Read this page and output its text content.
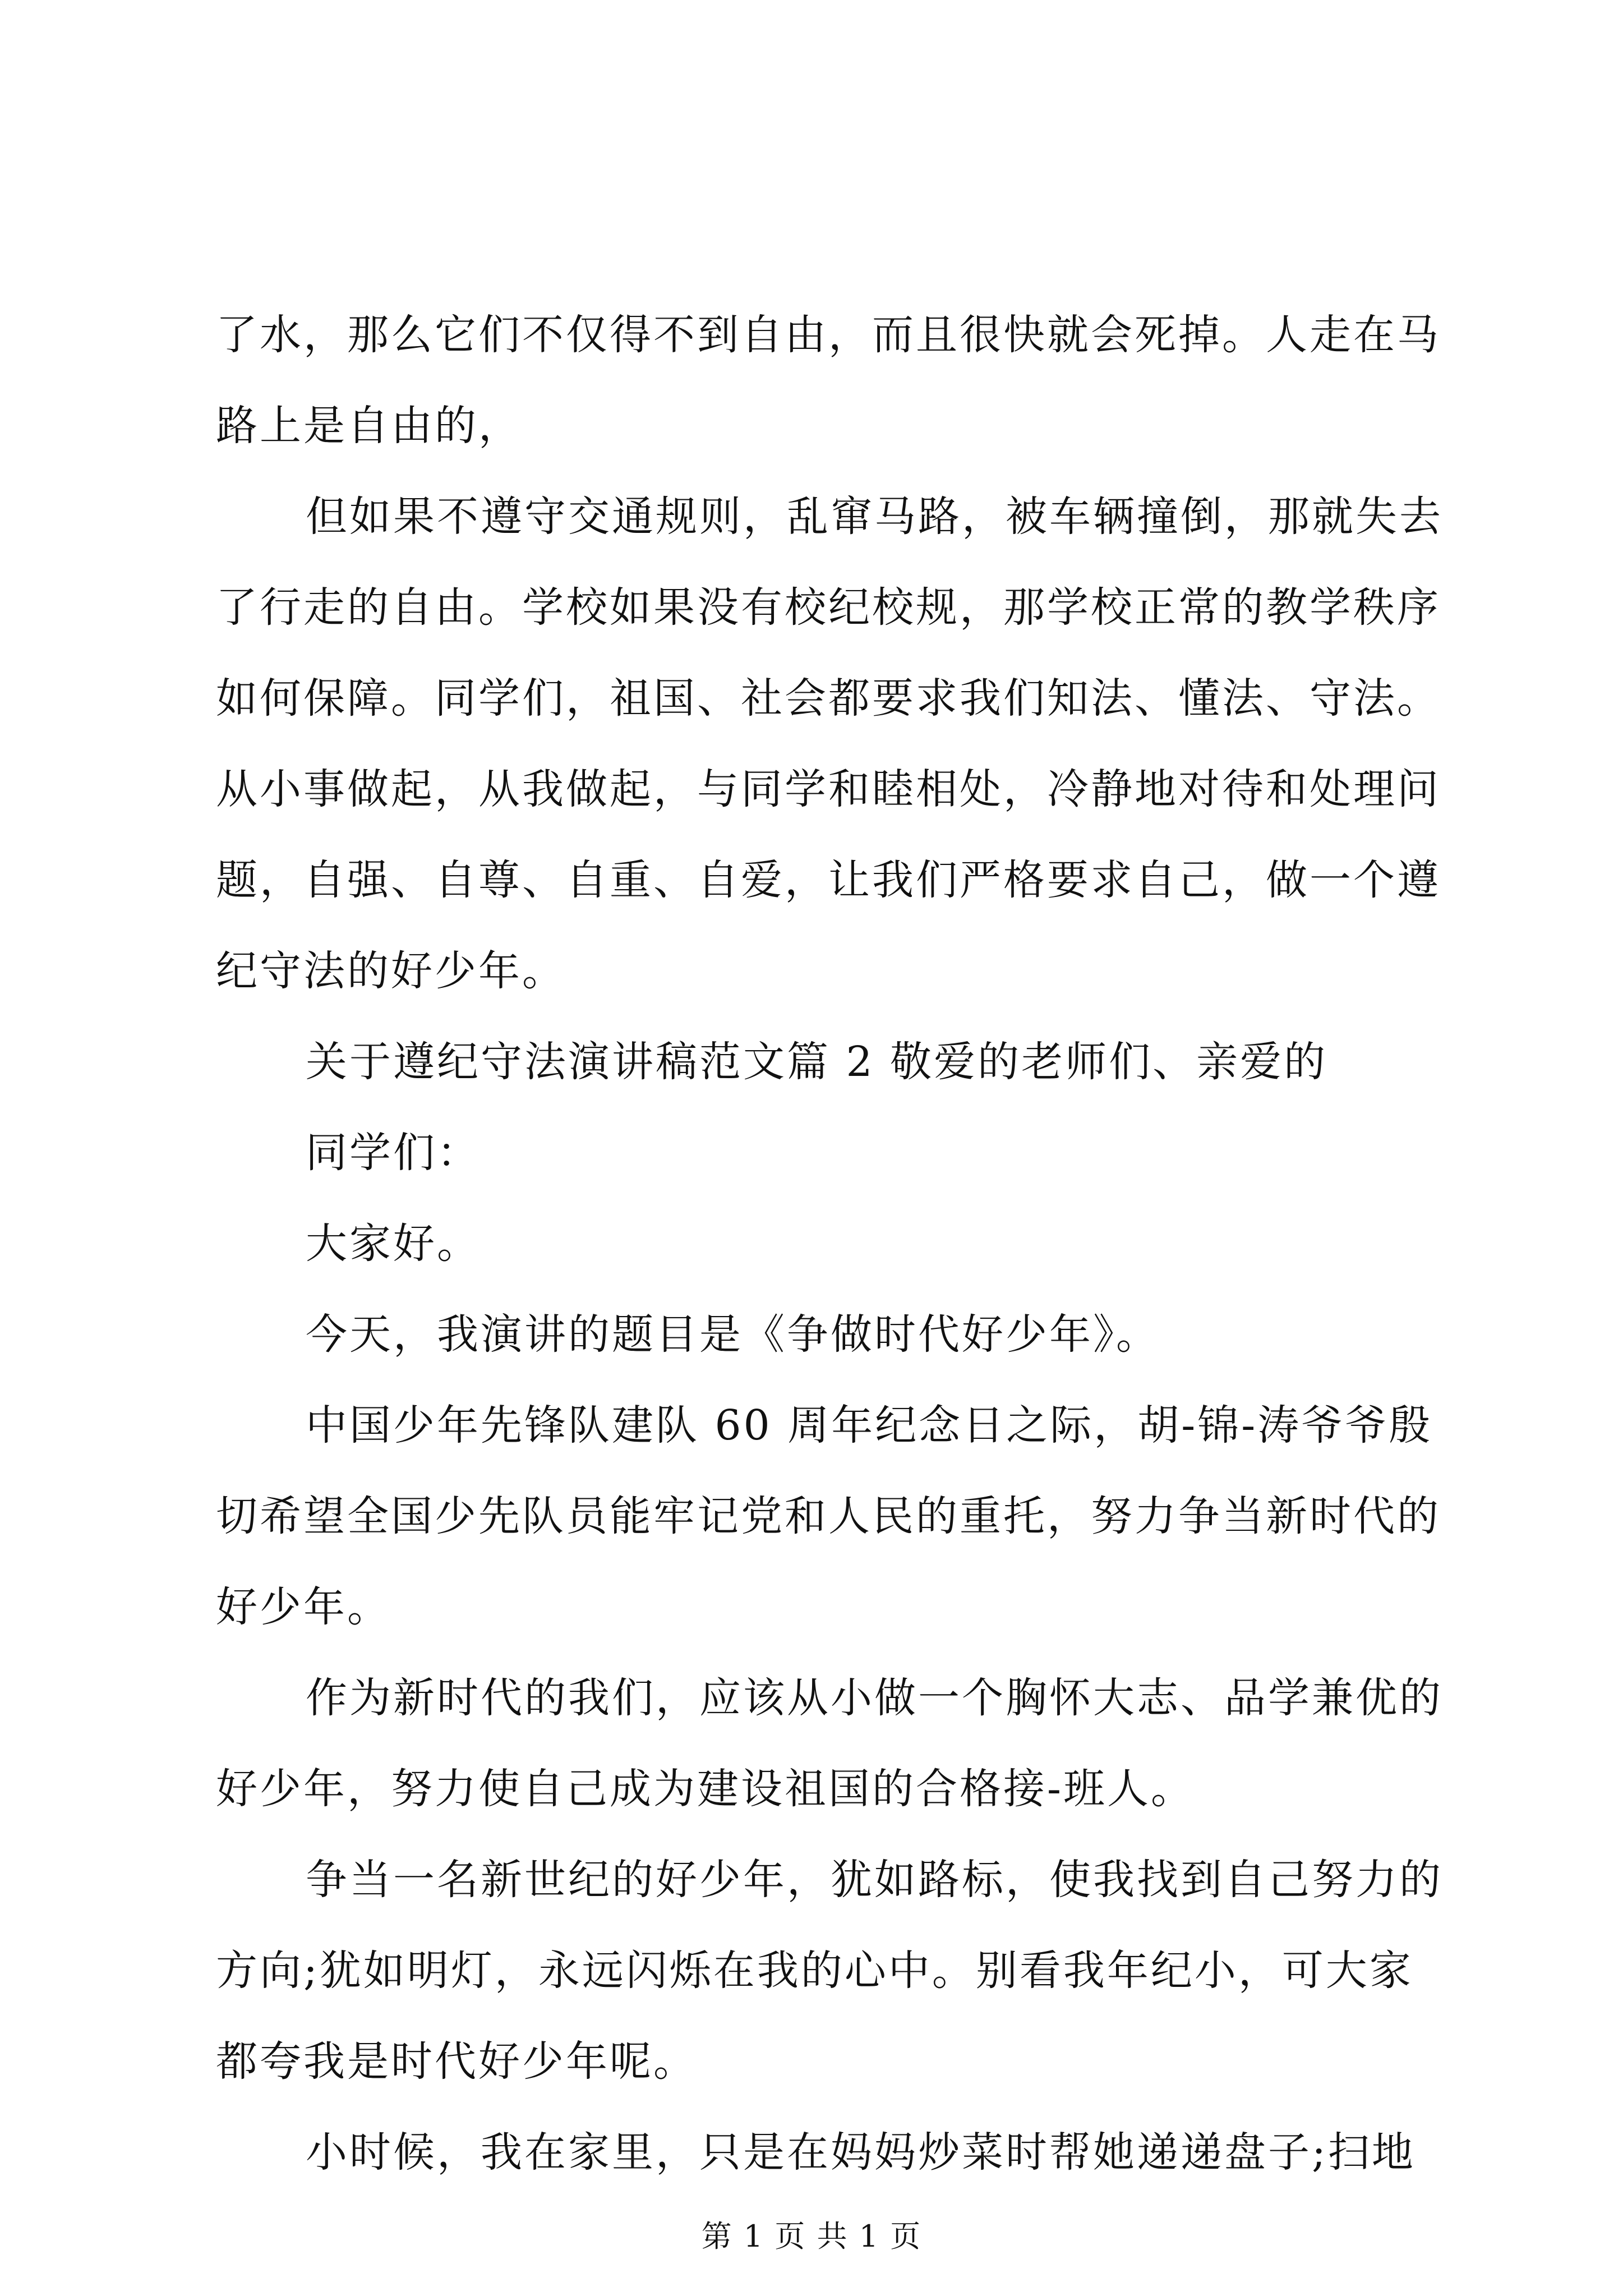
了水，那么它们不仅得不到自由，而且很快就会死掉。人走在马
路上是自由的，
但如果不遵守交通规则，乱窜马路，被车辆撞倒，那就失去
了行走的自由。学校如果没有校纪校规，那学校正常的教学秩序
如何保障。同学们，祖国、社会都要求我们知法、懂法、守法。
从小事做起，从我做起，与同学和睦相处，冷静地对待和处理问
题，自强、自尊、自重、自爱，让我们严格要求自己，做一个遵
纪守法的好少年。
关于遵纪守法演讲稿范文篇 2 敬爱的老师们、亲爱的
同学们：
大家好。
今天，我演讲的题目是《争做时代好少年》。
中国少年先锋队建队 60 周年纪念日之际，胡-锦-涛爷爷殷
切希望全国少先队员能牢记党和人民的重托，努力争当新时代的
好少年。
作为新时代的我们，应该从小做一个胸怀大志、品学兼优的
好少年，努力使自己成为建设祖国的合格接-班人。
争当一名新世纪的好少年，犹如路标，使我找到自己努力的
方向;犹如明灯，永远闪烁在我的心中。别看我年纪小，可大家
都夸我是时代好少年呢。
小时候，我在家里，只是在妈妈炒菜时帮她递递盘子;扫地
第 1 页 共 1 页
